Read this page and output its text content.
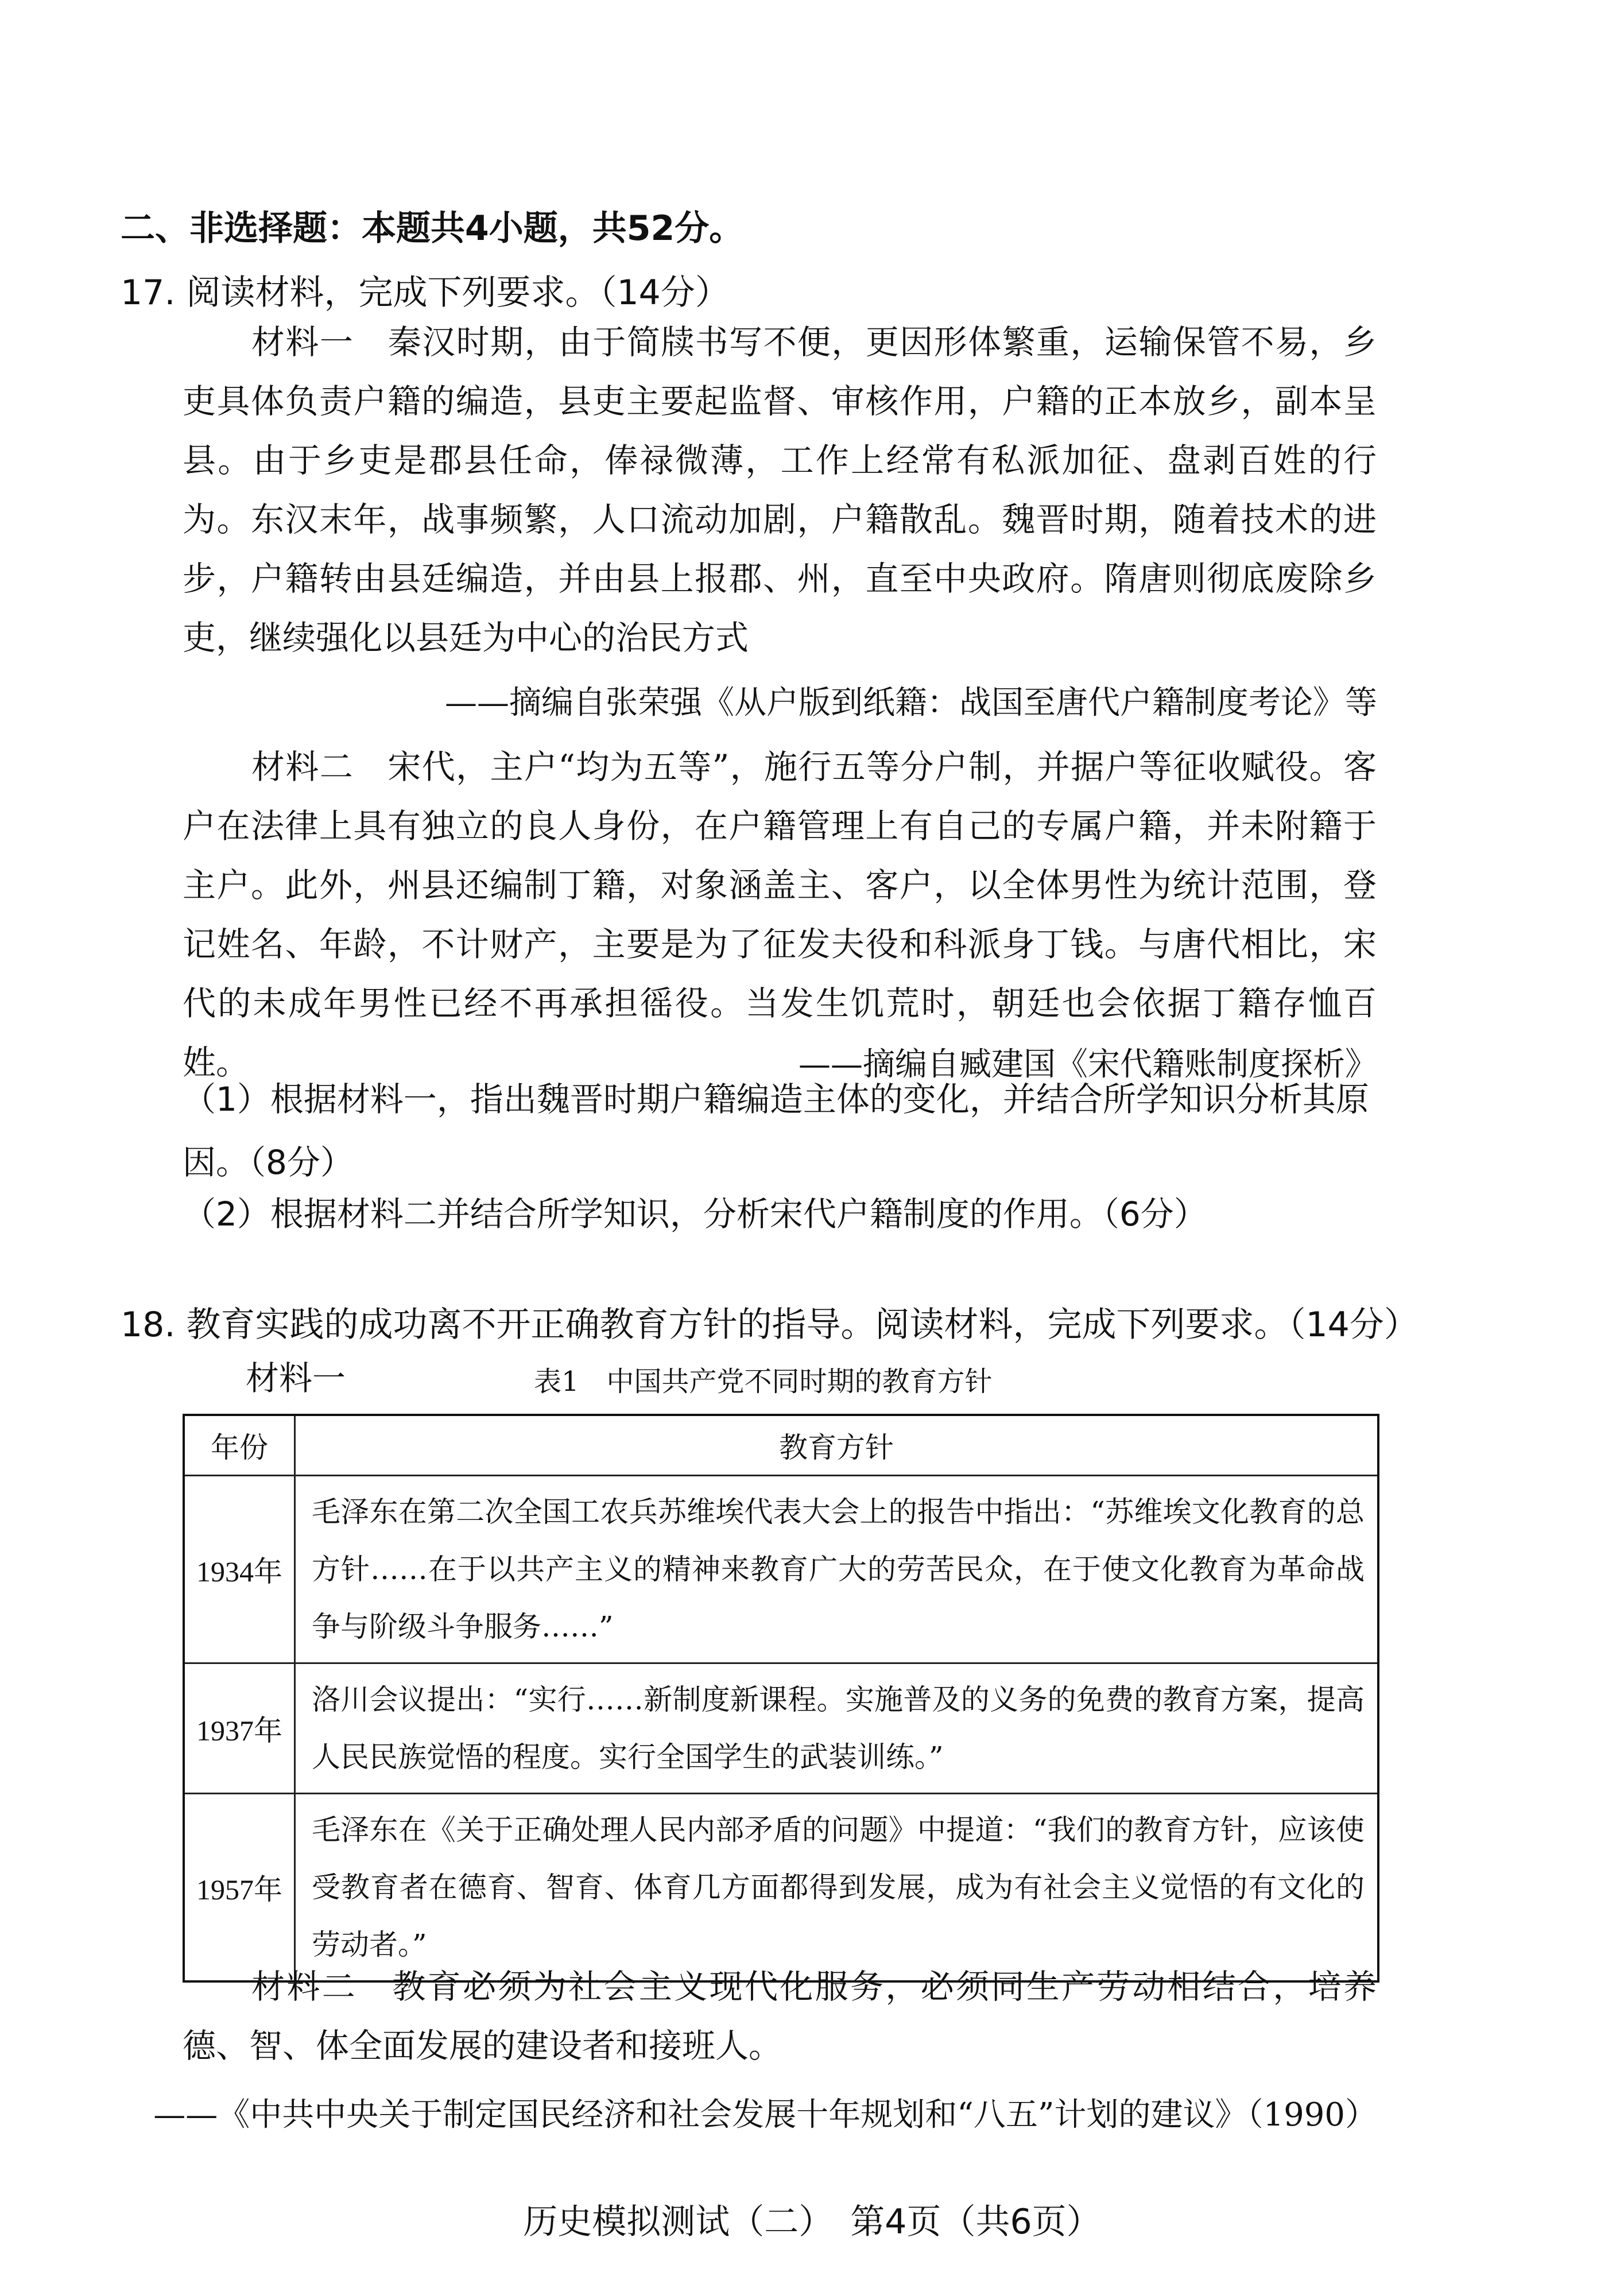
二、非选择题：本题共4小题，共52分。
17. 阅读材料，完成下列要求。（14分）
材料一　秦汉时期，由于简牍书写不便，更因形体繁重，运输保管不易，乡吏具体负责户籍的编造，县吏主要起监督、审核作用，户籍的正本放乡，副本呈县。由于乡吏是郡县任命，俸禄微薄，工作上经常有私派加征、盘剥百姓的行为。东汉末年，战事频繁，人口流动加剧，户籍散乱。魏晋时期，随着技术的进步，户籍转由县廷编造，并由县上报郡、州，直至中央政府。隋唐则彻底废除乡吏，继续强化以县廷为中心的治民方式
——摘编自张荣强《从户版到纸籍：战国至唐代户籍制度考论》等
材料二　宋代，主户“均为五等”，施行五等分户制，并据户等征收赋役。客户在法律上具有独立的良人身份，在户籍管理上有自己的专属户籍，并未附籍于主户。此外，州县还编制丁籍，对象涵盖主、客户，以全体男性为统计范围，登记姓名、年龄，不计财产，主要是为了征发夫役和科派身丁钱。与唐代相比，宋代的未成年男性已经不再承担徭役。当发生饥荒时，朝廷也会依据丁籍存恤百姓。	——摘编自臧建国《宋代籍账制度探析》
（1）根据材料一，指出魏晋时期户籍编造主体的变化，并结合所学知识分析其原因。（8分）
（2）根据材料二并结合所学知识，分析宋代户籍制度的作用。（6分）
18. 教育实践的成功离不开正确教育方针的指导。阅读材料，完成下列要求。（14分）
材料一	表1　中国共产党不同时期的教育方针
年份	教育方针
1934年	毛泽东在第二次全国工农兵苏维埃代表大会上的报告中指出：“苏维埃文化教育的总方针……在于以共产主义的精神来教育广大的劳苦民众，在于使文化教育为革命战争与阶级斗争服务……”
1937年	洛川会议提出：“实行……新制度新课程。实施普及的义务的免费的教育方案，提高人民民族觉悟的程度。实行全国学生的武装训练。”
1957年	毛泽东在《关于正确处理人民内部矛盾的问题》中提道：“我们的教育方针，应该使受教育者在德育、智育、体育几方面都得到发展，成为有社会主义觉悟的有文化的劳动者。”
材料二　教育必须为社会主义现代化服务，必须同生产劳动相结合，培养德、智、体全面发展的建设者和接班人。
——《中共中央关于制定国民经济和社会发展十年规划和“八五”计划的建议》（1990）
历史模拟测试（二）　第4页（共6页）
